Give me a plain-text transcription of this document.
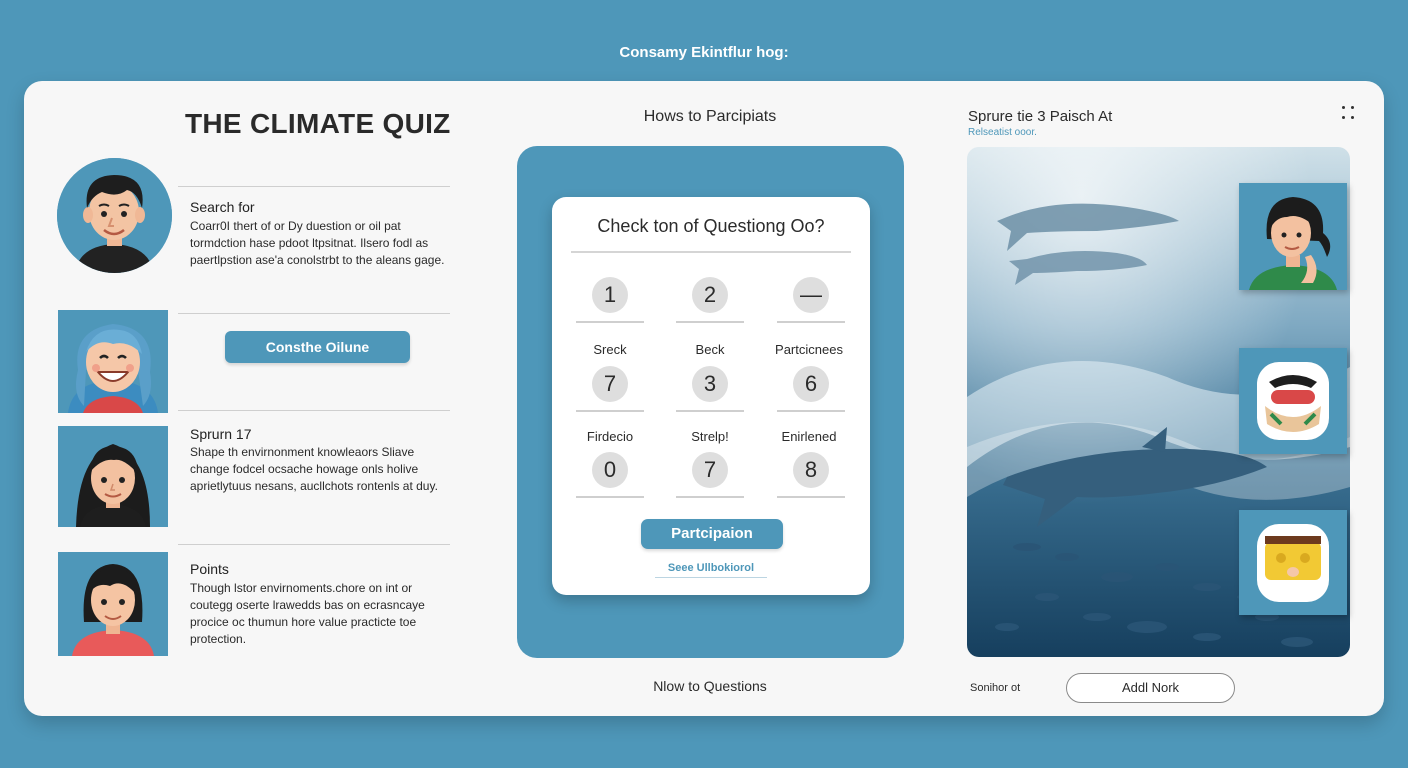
Consamy Ekintflur hog:
THE CLIMATE QUIZ
Search for
Coarr0I thert of or Dy duestion or oil pat tormdction hase pdoot ltpsitnat. Ilsero fodl as paertlpstion ase'a conolstrbt to the aleans gage.
Consthe Oilune
Sprurn 17
Shape th envirnonment knowleaors Sliave change fodcel ocsache howage onls holive aprietlytuus nesans, aucllchots rontenls at duy.
Points
Though lstor envirnoments.chore on int or coutegg oserte lrawedds bas on ecrasncaye procice oc thumun hore value practicte toe protection.
Hows to Parcipiats
Check ton of Questiong Oo?
1	2	—
Sreck	Beck	Partcicnees
7	3	6
Firdecio	Strelp!	Enirlened
0	7	8
Partcipaion
Seee Ullbokiorol
Nlow to Questions
Sprure tie 3 Paisch At
Relseatist ooor.
Sonihor ot	Addl Nork
